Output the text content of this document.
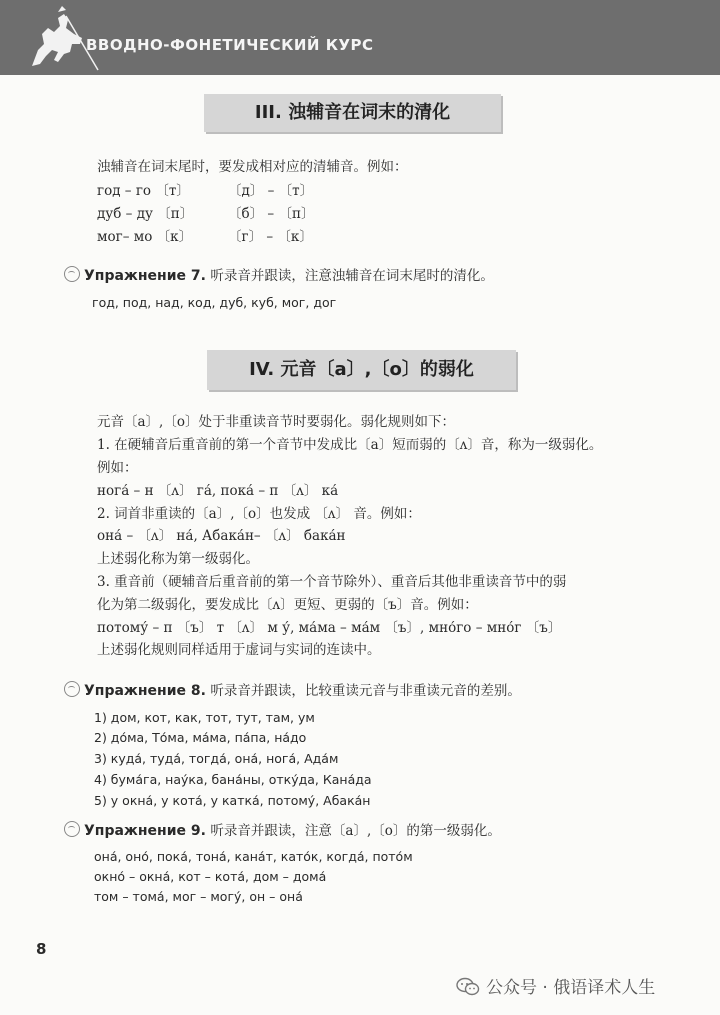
ВВОДНО-ФОНЕТИЧЕСКИЙ КУРС
III. 浊辅音在词末的清化
浊辅音在词末尾时，要发成相对应的清辅音。例如：
год – го 〔т〕	〔д〕 – 〔т〕
дуб – ду 〔п〕	〔б〕 – 〔п〕
мог– мо 〔к〕	〔г〕 – 〔к〕
Упражнение 7. 听录音并跟读，注意浊辅音在词末尾时的清化。
год, под, над, код, дуб, куб, мог, дог
IV. 元音〔а〕,〔о〕的弱化
元音〔а〕,〔о〕处于非重读音节时要弱化。弱化规则如下：
1. 在硬辅音后重音前的第一个音节中发成比〔а〕短而弱的〔ʌ〕音，称为一级弱化。
例如：
нога́ – н 〔ʌ〕 га́, пока́ – п 〔ʌ〕 ка́
2. 词首非重读的〔а〕,〔о〕也发成 〔ʌ〕 音。例如：
она́ – 〔ʌ〕 на́, Абака́н– 〔ʌ〕 бака́н
上述弱化称为第一级弱化。
3. 重音前（硬辅音后重音前的第一个音节除外）、重音后其他非重读音节中的弱
化为第二级弱化，要发成比〔ʌ〕更短、更弱的〔ъ〕音。例如：
потому́ – п 〔ъ〕 т 〔ʌ〕 м у́, ма́ма – ма́м 〔ъ〕, мно́го – мно́г 〔ъ〕
上述弱化规则同样适用于虚词与实词的连读中。
Упражнение 8. 听录音并跟读，比较重读元音与非重读元音的差别。
1) дом, кот, как, тот, тут, там, ум
2) до́ма, То́ма, ма́ма, па́па, на́до
3) куда́, туда́, тогда́, она́, нога́, Ада́м
4) бума́га, нау́ка, бана́ны, отку́да, Кана́да
5) у окна́, у кота́, у катка́, потому́, Абака́н
Упражнение 9. 听录音并跟读，注意〔а〕,〔о〕的第一级弱化。
она́, оно́, пока́, тона́, кана́т, като́к, когда́, пото́м
окно́ – окна́, кот – кота́, дом – дома́
том – тома́, мог – могу́, он – она́
8
公众号 · 俄语译术人生
